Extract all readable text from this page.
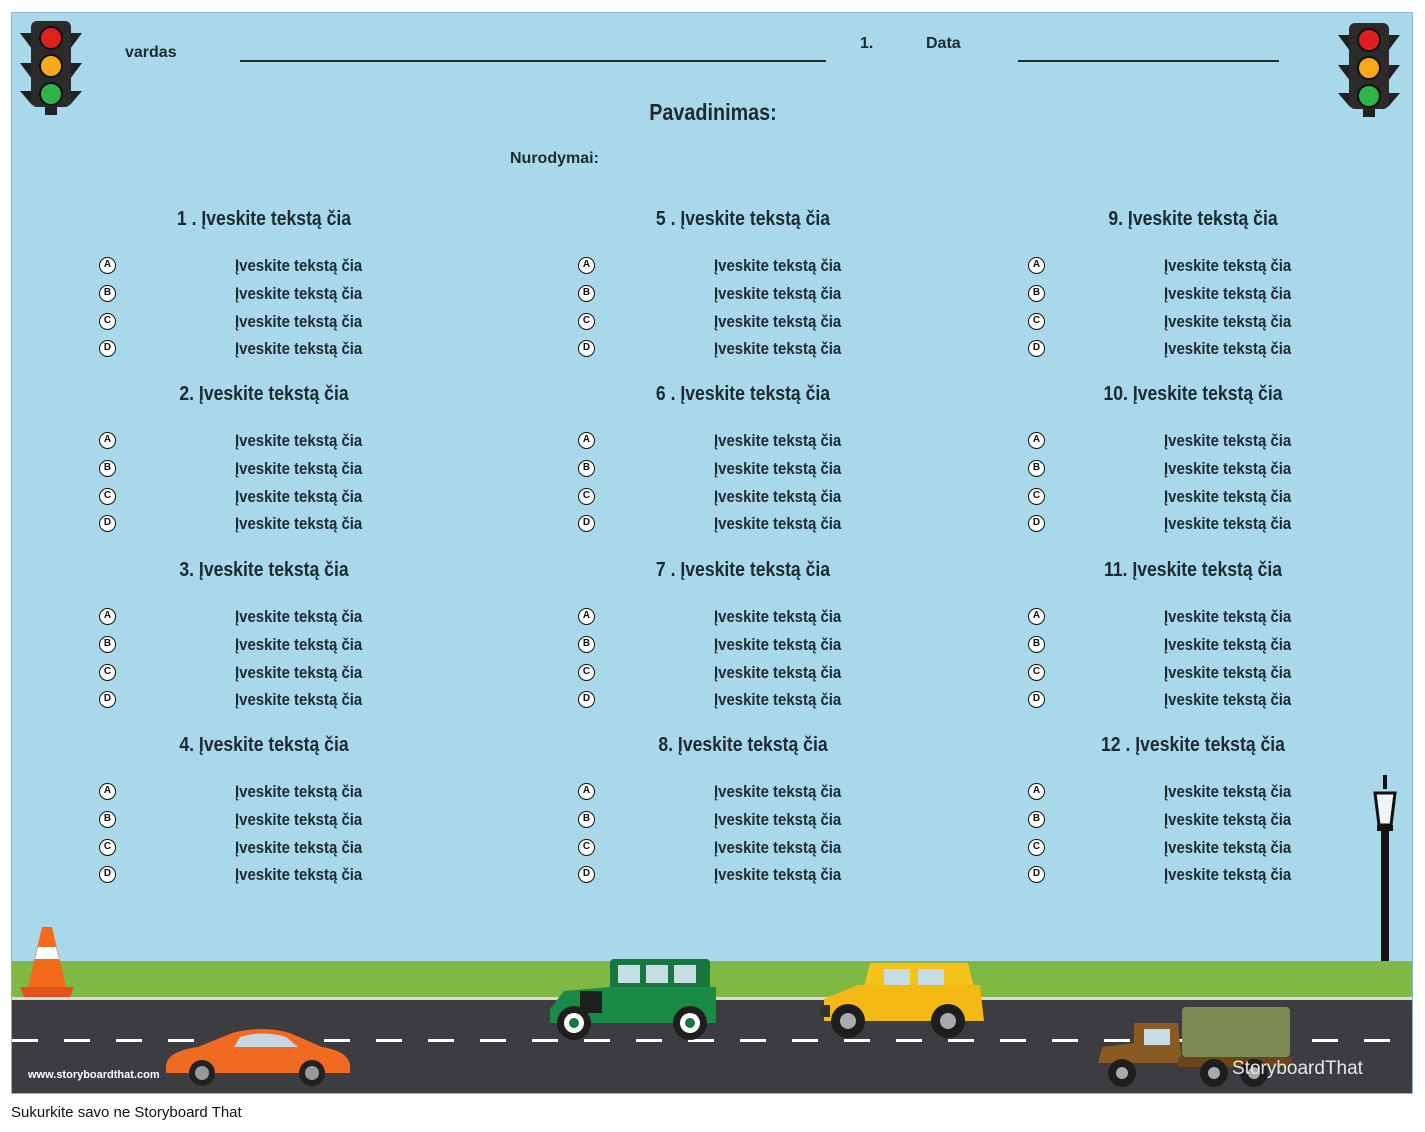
vardas
1.	Data
Pavadinimas:
Nurodymai:
1 . Įveskite tekstą čia
A	Įveskite tekstą čia
B	Įveskite tekstą čia
C	Įveskite tekstą čia
D	Įveskite tekstą čia
2. Įveskite tekstą čia
A	Įveskite tekstą čia
B	Įveskite tekstą čia
C	Įveskite tekstą čia
D	Įveskite tekstą čia
3. Įveskite tekstą čia
A	Įveskite tekstą čia
B	Įveskite tekstą čia
C	Įveskite tekstą čia
D	Įveskite tekstą čia
4. Įveskite tekstą čia
A	Įveskite tekstą čia
B	Įveskite tekstą čia
C	Įveskite tekstą čia
D	Įveskite tekstą čia
5 . Įveskite tekstą čia
A	Įveskite tekstą čia
B	Įveskite tekstą čia
C	Įveskite tekstą čia
D	Įveskite tekstą čia
6 . Įveskite tekstą čia
A	Įveskite tekstą čia
B	Įveskite tekstą čia
C	Įveskite tekstą čia
D	Įveskite tekstą čia
7 . Įveskite tekstą čia
A	Įveskite tekstą čia
B	Įveskite tekstą čia
C	Įveskite tekstą čia
D	Įveskite tekstą čia
8. Įveskite tekstą čia
A	Įveskite tekstą čia
B	Įveskite tekstą čia
C	Įveskite tekstą čia
D	Įveskite tekstą čia
9. Įveskite tekstą čia
A	Įveskite tekstą čia
B	Įveskite tekstą čia
C	Įveskite tekstą čia
D	Įveskite tekstą čia
10. Įveskite tekstą čia
A	Įveskite tekstą čia
B	Įveskite tekstą čia
C	Įveskite tekstą čia
D	Įveskite tekstą čia
11. Įveskite tekstą čia
A	Įveskite tekstą čia
B	Įveskite tekstą čia
C	Įveskite tekstą čia
D	Įveskite tekstą čia
12 . Įveskite tekstą čia
A	Įveskite tekstą čia
B	Įveskite tekstą čia
C	Įveskite tekstą čia
D	Įveskite tekstą čia
www.storyboardthat.com	StoryboardThat
Sukurkite savo ne Storyboard That
